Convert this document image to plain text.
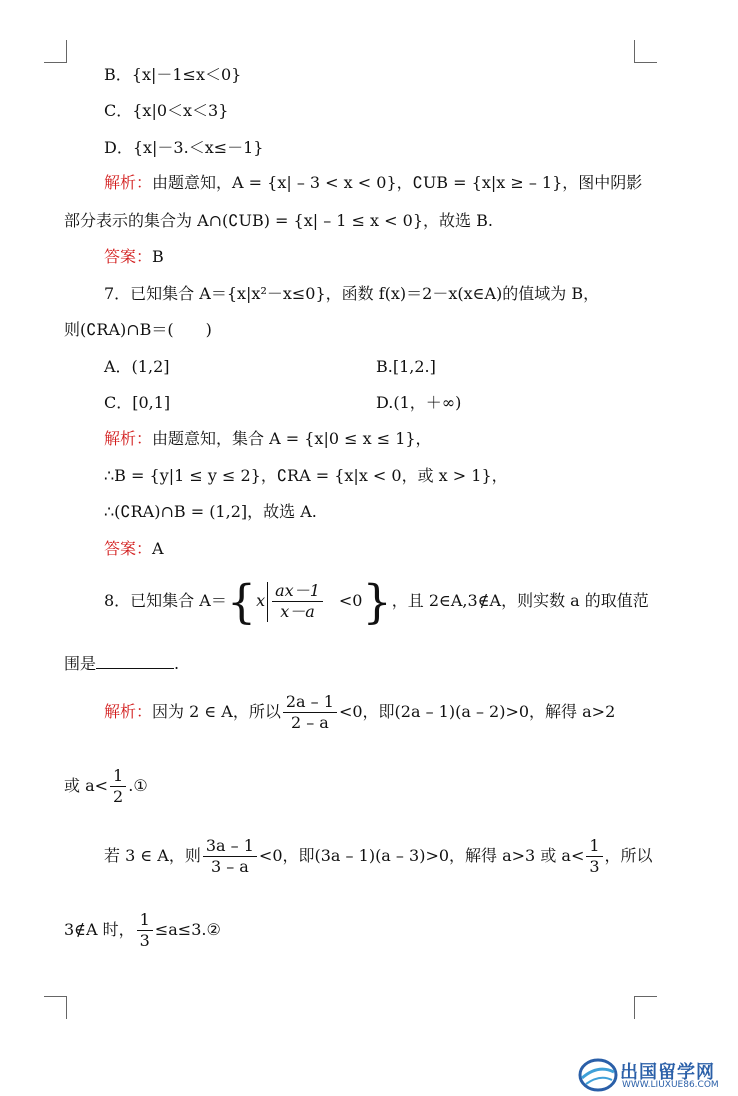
B．{x|－1≤x＜0}
C．{x|0＜x＜3}
D．{x|－3.＜x≤－1}
解析：由题意知，A = {x| – 3 < x < 0}，∁UB = {x|x ≥ – 1}，图中阴影
部分表示的集合为 A∩(∁UB) = {x| – 1 ≤ x < 0}，故选 B.
答案：B
7．已知集合 A＝{x|x²－x≤0}，函数 f(x)＝2－x(x∈A)的值域为 B，
则(∁RA)∩B＝(　　)
A．(1,2]	B.[1,2.]
C．[0,1]	D.(1，＋∞)
解析：由题意知，集合 A = {x|0 ≤ x ≤ 1}，
∴B = {y|1 ≤ y ≤ 2}，∁RA = {x|x < 0，或 x > 1}，
∴(∁RA)∩B = (1,2]，故选 A.
答案：A
8．已知集合 $A=\{x \frac{ax-1}{x-a} <0\}$，且 2∈A,3∉A，则实数 a 的取值范
围是	.
解析：因为 2 ∈ A，所以 $\frac{2a - 1}{2 - a} <0$，即(2a – 1)(a – 2)>0，解得 a>2
或 $a< \frac{1}{2}$ .①
若 3 ∈ A，则 $\frac{3a - 1}{3 - a} <0$，即(3a – 1)(a – 3)>0，解得 a>3 或 $a< \frac{1}{3}$ ，所以
3∉A 时， $\frac{1}{3}$ ≤a≤3.②
出国留学网
WWW.LIUXUE86.COM
